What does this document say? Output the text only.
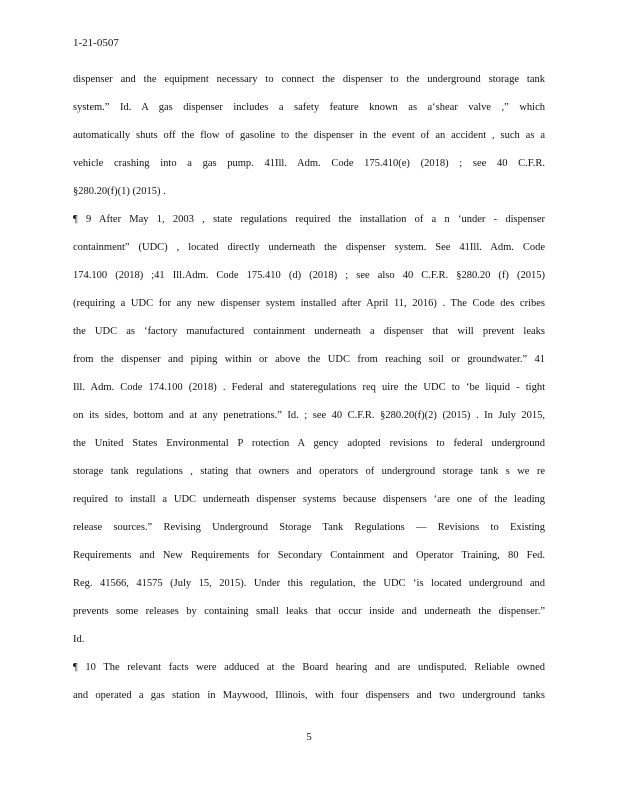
1-21-0507
dispenser and the equipment necessary to connect the dispenser to the underground storage tank
system.” Id. A gas dispenser includes a safety feature known as a‘shear valve ,” which
automatically shuts off the flow of gasoline to the dispenser in the event of an accident , such as a
vehicle crashing into a gas pump. 41Ill. Adm. Code 175.410(e) (2018) ; see 40 C.F.R.
§280.20(f)(1) (2015) .
¶ 9 After May 1, 2003 , state regulations required the installation of a n ‘under - dispenser
containment” (UDC) , located directly underneath the dispenser system. See 41Ill. Adm. Code
174.100 (2018) ;41 Ill.Adm. Code 175.410 (d) (2018) ; see also 40 C.F.R. §280.20 (f) (2015)
(requiring a UDC for any new dispenser system installed after April 11, 2016) . The Code des cribes
the UDC as ‘factory manufactured containment underneath a dispenser that will prevent leaks
from the dispenser and piping within or above the UDC from reaching soil or groundwater.” 41
Ill. Adm. Code 174.100 (2018) . Federal and stateregulations req uire the UDC to ‘be liquid - tight
on its sides, bottom and at any penetrations.” Id. ; see 40 C.F.R. §280.20(f)(2) (2015) . In July 2015,
the United States Environmental P rotection A gency adopted revisions to federal underground
storage tank regulations , stating that owners and operators of underground storage tank s we re
required to install a UDC underneath dispenser systems because dispensers ‘are one of the leading
release sources.” Revising Underground Storage Tank Regulations — Revisions to Existing
Requirements and New Requirements for Secondary Containment and Operator Training, 80 Fed.
Reg. 41566, 41575 (July 15, 2015). Under this regulation, the UDC ‘is located underground and
prevents some releases by containing small leaks that occur inside and underneath the dispenser.”
Id.
¶ 10 The relevant facts were adduced at the Board hearing and are undisputed. Reliable owned
and operated a gas station in Maywood, Illinois, with four dispensers and two underground tanks
5
